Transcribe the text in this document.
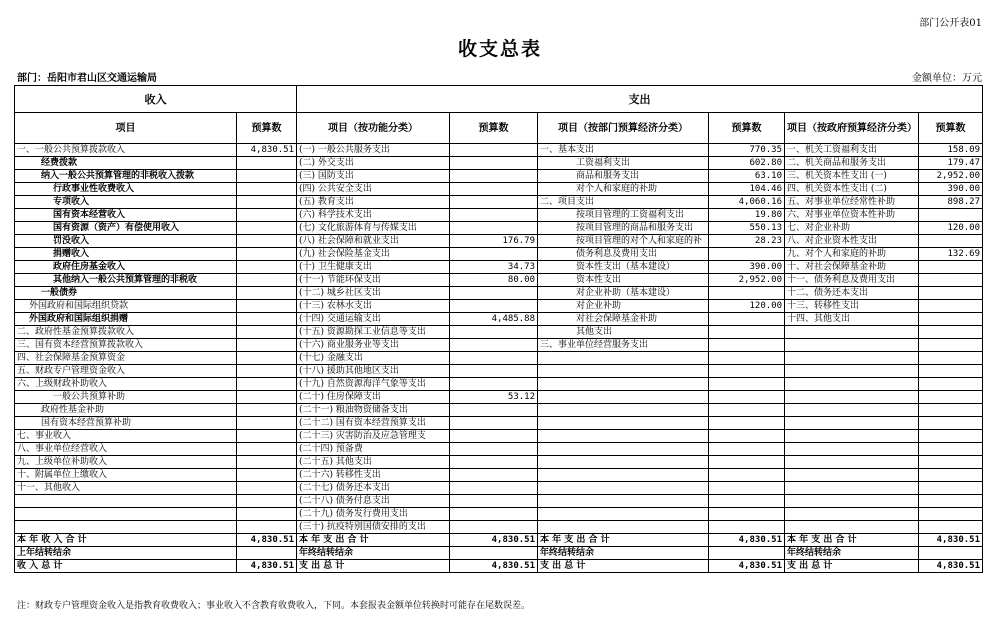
部门公开表01
收支总表
部门：岳阳市君山区交通运输局	金额单位：万元
收入		支出					
项目	预算数	项目（按功能分类）	预算数	项目（按部门预算经济分类）	预算数	项目（按政府预算经济分类）	预算数
一、一般公共预算拨款收入	4,830.51	(一) 一般公共服务支出		一、基本支出	770.35	一、机关工资福利支出	158.09
经费拨款		(二) 外交支出		工资福利支出	602.80	二、机关商品和服务支出	179.47
纳入一般公共预算管理的非税收入拨款		(三) 国防支出		商品和服务支出	63.10	三、机关资本性支出 (一)	2,952.00
行政事业性收费收入		(四) 公共安全支出		对个人和家庭的补助	104.46	四、机关资本性支出 (二)	390.00
专项收入		(五) 教育支出		二、项目支出	4,060.16	五、对事业单位经常性补助	898.27
国有资本经营收入		(六) 科学技术支出		按项目管理的工资福利支出	19.80	六、对事业单位资本性补助	
国有资源（资产）有偿使用收入		(七) 文化旅游体育与传媒支出		按项目管理的商品和服务支出	550.13	七、对企业补助	120.00
罚没收入		(八) 社会保障和就业支出	176.79	按项目管理的对个人和家庭的补	28.23	八、对企业资本性支出	
捐赠收入		(九) 社会保险基金支出		债务利息及费用支出		九、对个人和家庭的补助	132.69
政府住房基金收入		(十) 卫生健康支出	34.73	资本性支出（基本建设）	390.00	十、对社会保障基金补助	
其他纳入一般公共预算管理的非税收		(十一) 节能环保支出	80.00	资本性支出	2,952.00	十一、债务利息及费用支出	
一般债券		(十二) 城乡社区支出		对企业补助（基本建设）		十二、债务还本支出	
外国政府和国际组织贷款		(十三) 农林水支出		对企业补助	120.00	十三、转移性支出	
外国政府和国际组织捐赠		(十四) 交通运输支出	4,485.88	对社会保障基金补助		十四、其他支出	
二、政府性基金预算拨款收入		(十五) 资源勘探工业信息等支出		其他支出			
三、国有资本经营预算拨款收入		(十六) 商业服务业等支出		三、事业单位经营服务支出			
四、社会保障基金预算资金		(十七) 金融支出					
五、财政专户管理资金收入		(十八) 援助其他地区支出					
六、上级财政补助收入		(十九) 自然资源海洋气象等支出					
一般公共预算补助		(二十) 住房保障支出	53.12				
政府性基金补助		(二十一) 粮油物资储备支出					
国有资本经营预算补助		(二十二) 国有资本经营预算支出					
七、事业收入		(二十三) 灾害防治及应急管理支					
八、事业单位经营收入		(二十四) 预备费					
九、上级单位补助收入		(二十五) 其他支出					
十、附属单位上缴收入		(二十六) 转移性支出					
十一、其他收入		(二十七) 债务还本支出					
		(二十八) 债务付息支出					
		(二十九) 债务发行费用支出					
		(三十) 抗疫特别国债安排的支出					
本 年 收 入 合 计	4,830.51	本 年 支 出 合 计	4,830.51	本 年 支 出 合 计	4,830.51	本 年 支 出 合 计	4,830.51
上年结转结余		年终结转结余		年终结转结余		年终结转结余	
收 入 总 计	4,830.51	支 出 总 计	4,830.51	支 出 总 计	4,830.51	支 出 总 计	4,830.51
注：财政专户管理资金收入是指教育收费收入；事业收入不含教育收费收入，下同。本套报表金额单位转换时可能存在尾数误差。
